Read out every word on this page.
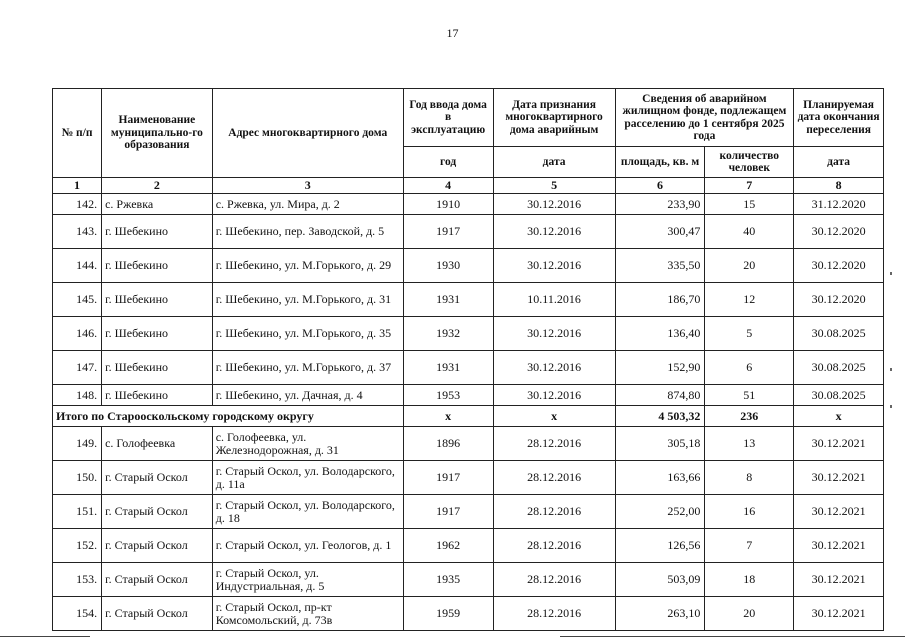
17
№ п/п	Наименование муниципально-го образования	Адрес многоквартирного дома	Год ввода дома в эксплуатацию	Дата признания многоквартирного дома аварийным	Сведения об аварийном жилищном фонде, подлежащем расселению до 1 сентября 2025 года		Планируемая дата окончания переселения
			год	дата	площадь, кв. м	количество человек	дата
1	2	3	4	5	6	7	8
142.	с. Ржевка	с. Ржевка, ул. Мира, д. 2	1910	30.12.2016	233,90	15	31.12.2020
143.	г. Шебекино	г. Шебекино, пер. Заводской, д. 5	1917	30.12.2016	300,47	40	30.12.2020
144.	г. Шебекино	г. Шебекино, ул. М.Горького, д. 29	1930	30.12.2016	335,50	20	30.12.2020
145.	г. Шебекино	г. Шебекино, ул. М.Горького, д. 31	1931	10.11.2016	186,70	12	30.12.2020
146.	г. Шебекино	г. Шебекино, ул. М.Горького, д. 35	1932	30.12.2016	136,40	5	30.08.2025
147.	г. Шебекино	г. Шебекино, ул. М.Горького, д. 37	1931	30.12.2016	152,90	6	30.08.2025
148.	г. Шебекино	г. Шебекино, ул. Дачная, д. 4	1953	30.12.2016	874,80	51	30.08.2025
Итого по Старооскольскому городскому округу			х	х	4 503,32	236	х
149.	с. Голофеевка	с. Голофеевка, ул. Железнодорожная, д. 31	1896	28.12.2016	305,18	13	30.12.2021
150.	г. Старый Оскол	г. Старый Оскол, ул. Володарского, д. 11а	1917	28.12.2016	163,66	8	30.12.2021
151.	г. Старый Оскол	г. Старый Оскол, ул. Володарского, д. 18	1917	28.12.2016	252,00	16	30.12.2021
152.	г. Старый Оскол	г. Старый Оскол, ул. Геологов, д. 1	1962	28.12.2016	126,56	7	30.12.2021
153.	г. Старый Оскол	г. Старый Оскол, ул. Индустриальная, д. 5	1935	28.12.2016	503,09	18	30.12.2021
154.	г. Старый Оскол	г. Старый Оскол, пр-кт Комсомольский, д. 73в	1959	28.12.2016	263,10	20	30.12.2021
